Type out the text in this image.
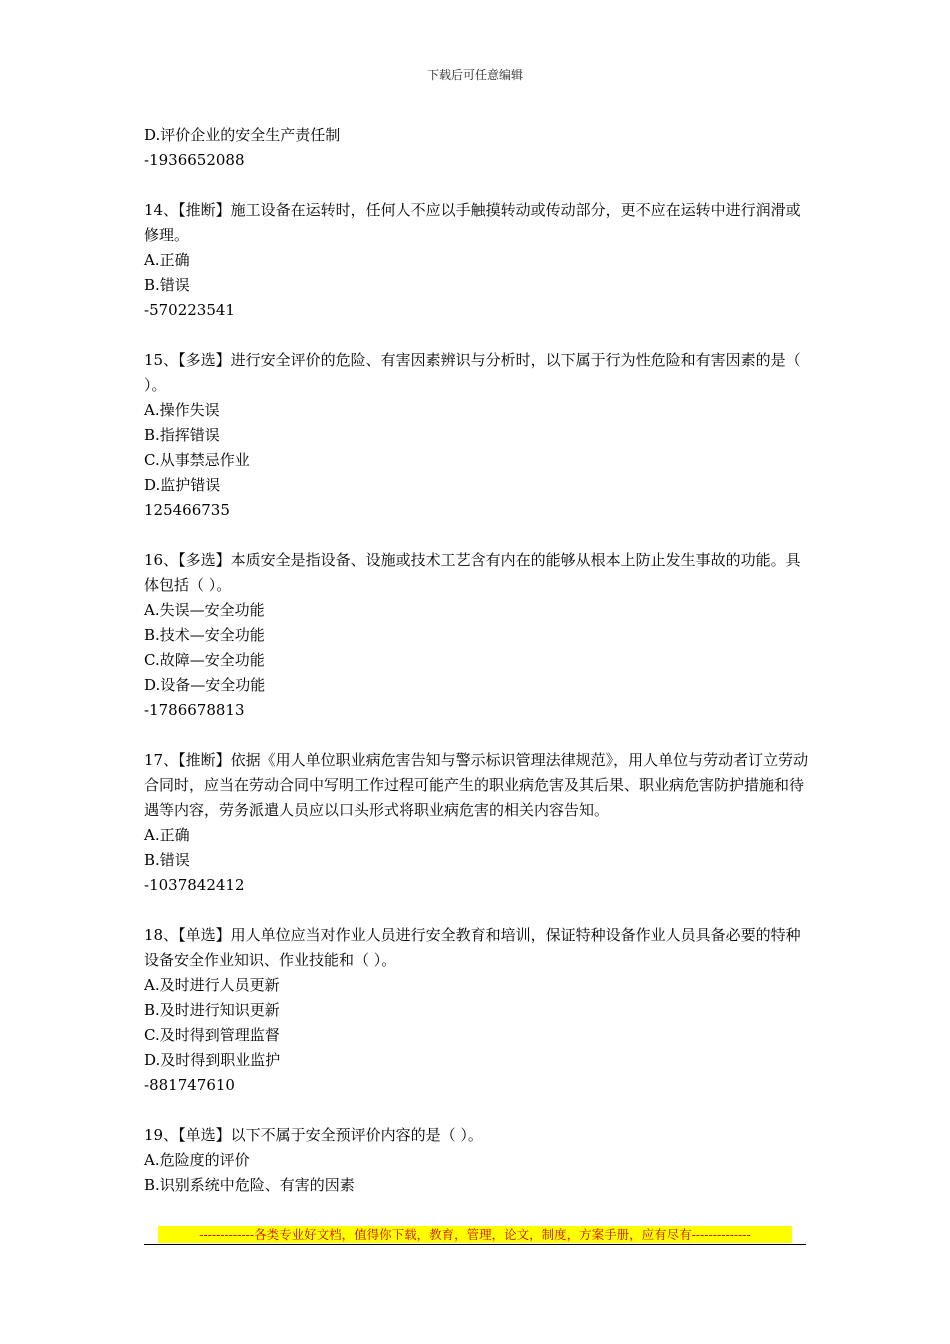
下载后可任意编辑
D.评价企业的安全生产责任制
-1936652088
14、【推断】施工设备在运转时，任何人不应以手触摸转动或传动部分，更不应在运转中进行润滑或修理。
A.正确
B.错误
-570223541
15、【多选】进行安全评价的危险、有害因素辨识与分析时，以下属于行为性危险和有害因素的是（ ）。
A.操作失误
B.指挥错误
C.从事禁忌作业
D.监护错误
125466735
16、【多选】本质安全是指设备、设施或技术工艺含有内在的能够从根本上防止发生事故的功能。具体包括（ ）。
A.失误—安全功能
B.技术—安全功能
C.故障—安全功能
D.设备—安全功能
-1786678813
17、【推断】依据《用人单位职业病危害告知与警示标识管理法律规范》，用人单位与劳动者订立劳动合同时，应当在劳动合同中写明工作过程可能产生的职业病危害及其后果、职业病危害防护措施和待遇等内容，劳务派遣人员应以口头形式将职业病危害的相关内容告知。
A.正确
B.错误
-1037842412
18、【单选】用人单位应当对作业人员进行安全教育和培训，保证特种设备作业人员具备必要的特种设备安全作业知识、作业技能和（ ）。
A.及时进行人员更新
B.及时进行知识更新
C.及时得到管理监督
D.及时得到职业监护
-881747610
19、【单选】以下不属于安全预评价内容的是（ ）。
A.危险度的评价
B.识别系统中危险、有害的因素
-------------各类专业好文档，值得你下载，教育，管理，论文，制度，方案手册，应有尽有--------------
